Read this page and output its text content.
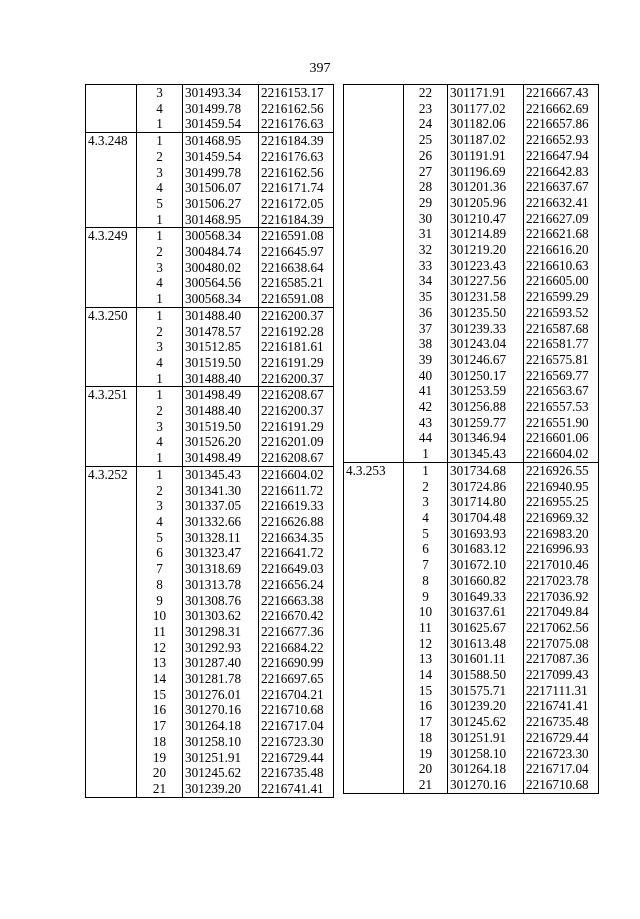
397
	3	301493.34	2216153.17
	4	301499.78	2216162.56
	1	301459.54	2216176.63
4.3.248	1	301468.95	2216184.39
	2	301459.54	2216176.63
	3	301499.78	2216162.56
	4	301506.07	2216171.74
	5	301506.27	2216172.05
	1	301468.95	2216184.39
4.3.249	1	300568.34	2216591.08
	2	300484.74	2216645.97
	3	300480.02	2216638.64
	4	300564.56	2216585.21
	1	300568.34	2216591.08
4.3.250	1	301488.40	2216200.37
	2	301478.57	2216192.28
	3	301512.85	2216181.61
	4	301519.50	2216191.29
	1	301488.40	2216200.37
4.3.251	1	301498.49	2216208.67
	2	301488.40	2216200.37
	3	301519.50	2216191.29
	4	301526.20	2216201.09
	1	301498.49	2216208.67
4.3.252	1	301345.43	2216604.02
	2	301341.30	2216611.72
	3	301337.05	2216619.33
	4	301332.66	2216626.88
	5	301328.11	2216634.35
	6	301323.47	2216641.72
	7	301318.69	2216649.03
	8	301313.78	2216656.24
	9	301308.76	2216663.38
	10	301303.62	2216670.42
	11	301298.31	2216677.36
	12	301292.93	2216684.22
	13	301287.40	2216690.99
	14	301281.78	2216697.65
	15	301276.01	2216704.21
	16	301270.16	2216710.68
	17	301264.18	2216717.04
	18	301258.10	2216723.30
	19	301251.91	2216729.44
	20	301245.62	2216735.48
	21	301239.20	2216741.41
	22	301171.91	2216667.43
	23	301177.02	2216662.69
	24	301182.06	2216657.86
	25	301187.02	2216652.93
	26	301191.91	2216647.94
	27	301196.69	2216642.83
	28	301201.36	2216637.67
	29	301205.96	2216632.41
	30	301210.47	2216627.09
	31	301214.89	2216621.68
	32	301219.20	2216616.20
	33	301223.43	2216610.63
	34	301227.56	2216605.00
	35	301231.58	2216599.29
	36	301235.50	2216593.52
	37	301239.33	2216587.68
	38	301243.04	2216581.77
	39	301246.67	2216575.81
	40	301250.17	2216569.77
	41	301253.59	2216563.67
	42	301256.88	2216557.53
	43	301259.77	2216551.90
	44	301346.94	2216601.06
	1	301345.43	2216604.02
4.3.253	1	301734.68	2216926.55
	2	301724.86	2216940.95
	3	301714.80	2216955.25
	4	301704.48	2216969.32
	5	301693.93	2216983.20
	6	301683.12	2216996.93
	7	301672.10	2217010.46
	8	301660.82	2217023.78
	9	301649.33	2217036.92
	10	301637.61	2217049.84
	11	301625.67	2217062.56
	12	301613.48	2217075.08
	13	301601.11	2217087.36
	14	301588.50	2217099.43
	15	301575.71	2217111.31
	16	301239.20	2216741.41
	17	301245.62	2216735.48
	18	301251.91	2216729.44
	19	301258.10	2216723.30
	20	301264.18	2216717.04
	21	301270.16	2216710.68
